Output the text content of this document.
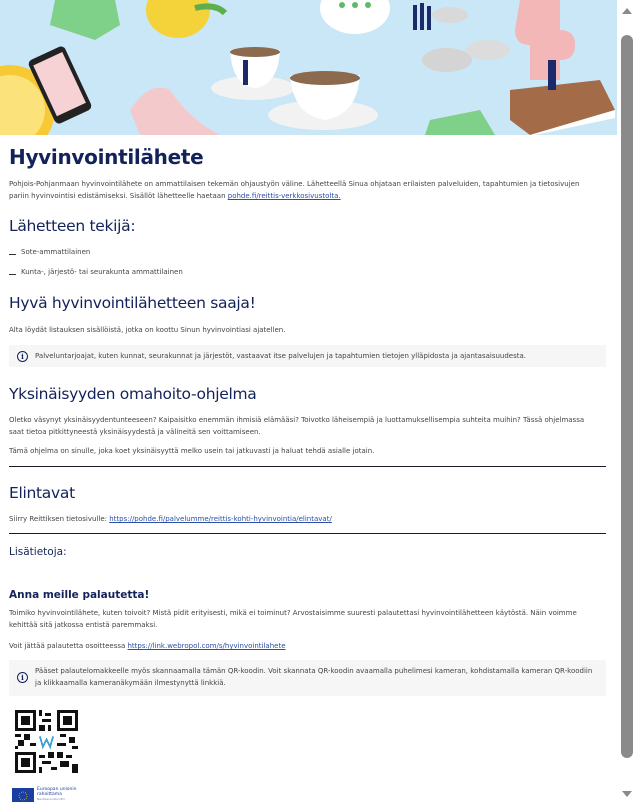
Hyvinvointilähete

Pohjois-Pohjanmaan hyvinvointilähete on ammattilaisen tekemän ohjaustyön väline. Lähetteellä Sinua ohjataan erilaisten palveluiden, tapahtumien ja tietosivujen pariin hyvinvointisi edistämiseksi. Sisällöt lähetteelle haetaan pohde.fi/reittis-verkkosivustolta.

Lähetteen tekijä:
Sote-ammattilainen
Kunta-, järjestö- tai seurakunta ammattilainen
Hyvä hyvinvointilähetteen saaja!

Alta löydät listauksen sisällöistä, jotka on koottu Sinun hyvinvointiasi ajatellen.

i	Palveluntarjoajat, kuten kunnat, seurakunnat ja järjestöt, vastaavat itse palvelujen ja tapahtumien tietojen ylläpidosta ja ajantasaisuudesta.
Yksinäisyyden omahoito-ohjelma

Oletko väsynyt yksinäisyydentunteeseen? Kaipaisitko enemmän ihmisiä elämääsi? Toivotko läheisempiä ja luottamuksellisempia suhteita muihin? Tässä ohjelmassa saat tietoa pitkittyneestä yksinäisyydestä ja välineitä sen voittamiseen.

Tämä ohjelma on sinulle, joka koet yksinäisyyttä melko usein tai jatkuvasti ja haluat tehdä asialle jotain.

Elintavat

Siirry Reittiksen tietosivulle: https://pohde.fi/palvelumme/reittis-kohti-hyvinvointia/elintavat/

Lisätietoja:
Anna meille palautetta!

Toimiko hyvinvointilähete, kuten toivoit? Mistä pidit erityisesti, mikä ei toiminut? Arvostaisimme suuresti palautettasi hyvinvointilähetteen käytöstä. Näin voimme kehittää sitä jatkossa entistä paremmaksi.

Voit jättää palautetta osoitteessa https://link.webropol.com/s/hyvinvointilahete

i
Pääset palautelomakkeelle myös skannaamalla tämän QR-koodin. Voit skannata QR-koodin avaamalla puhelimesi kameran, kohdistamalla kameran QR-koodiin ja klikkaamalla kameranäkymään ilmestynyttä linkkiä.
Euroopan unionin
rahoittama
NextGenerationEU
